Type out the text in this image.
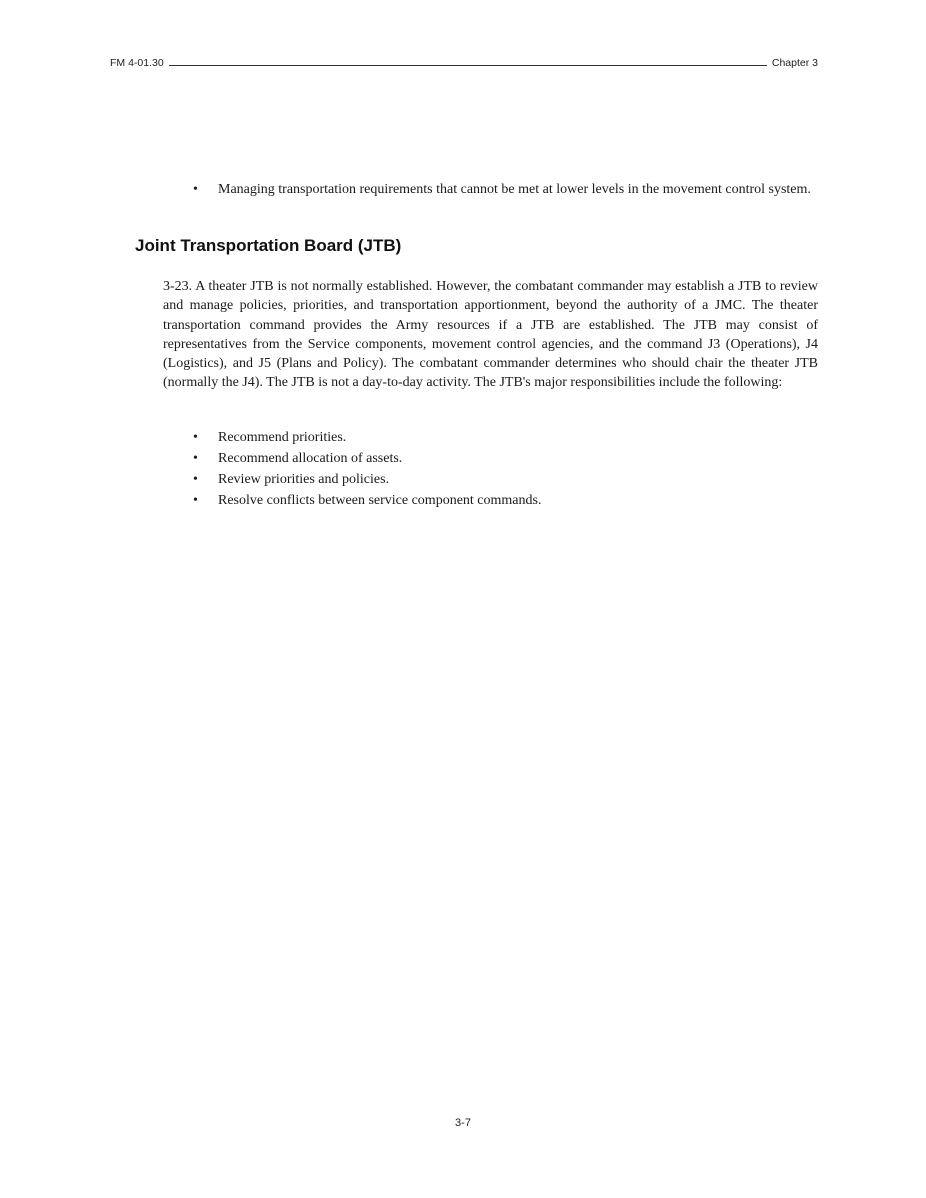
FM 4-01.30	Chapter 3
• Managing transportation requirements that cannot be met at lower levels in the movement control system.
Joint Transportation Board (JTB)

3-23. A theater JTB is not normally established. However, the combatant commander may establish a JTB to review and manage policies, priorities, and transportation apportionment, beyond the authority of a JMC. The theater transportation command provides the Army resources if a JTB are established. The JTB may consist of representatives from the Service components, movement control agencies, and the command J3 (Operations), J4 (Logistics), and J5 (Plans and Policy). The combatant commander determines who should chair the theater JTB (normally the J4). The JTB is not a day-to-day activity. The JTB's major responsibilities include the following:

• Recommend priorities.
• Recommend allocation of assets.
• Review priorities and policies.
• Resolve conflicts between service component commands.
3-7
